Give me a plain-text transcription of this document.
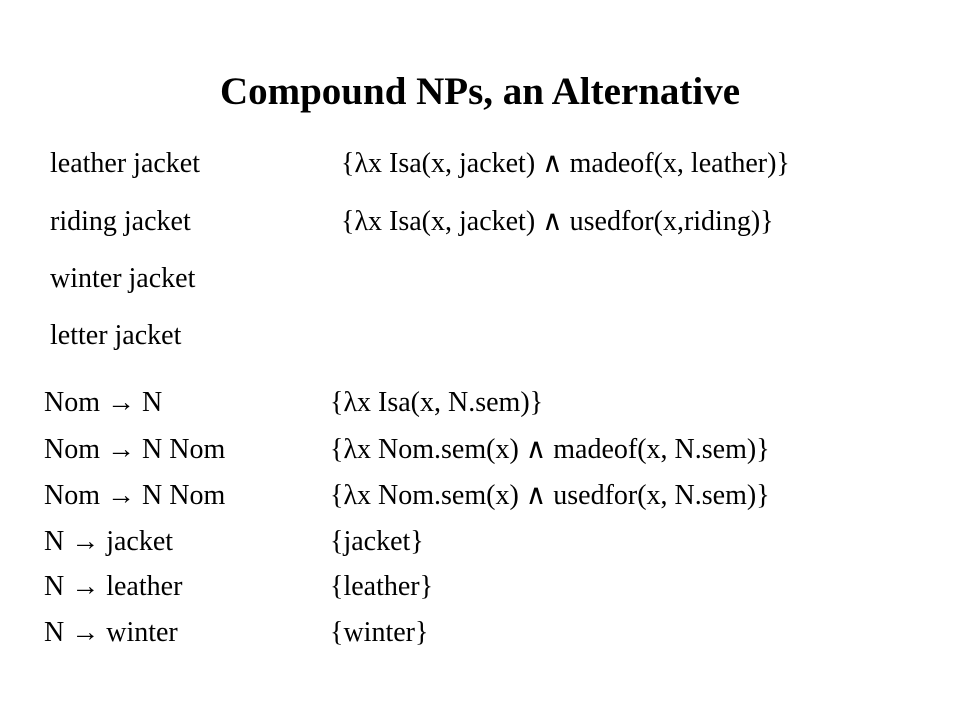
Compound NPs, an Alternative
leather jacket	{λx Isa(x, jacket) ∧ madeof(x, leather)}
riding jacket	{λx Isa(x, jacket) ∧ usedfor(x,riding)}
winter jacket
letter jacket
Nom → N	{λx Isa(x, N.sem)}
Nom → N Nom	{λx Nom.sem(x) ∧ madeof(x, N.sem)}
Nom → N Nom	{λx Nom.sem(x) ∧ usedfor(x, N.sem)}
N → jacket	{jacket}
N → leather	{leather}
N → winter	{winter}
